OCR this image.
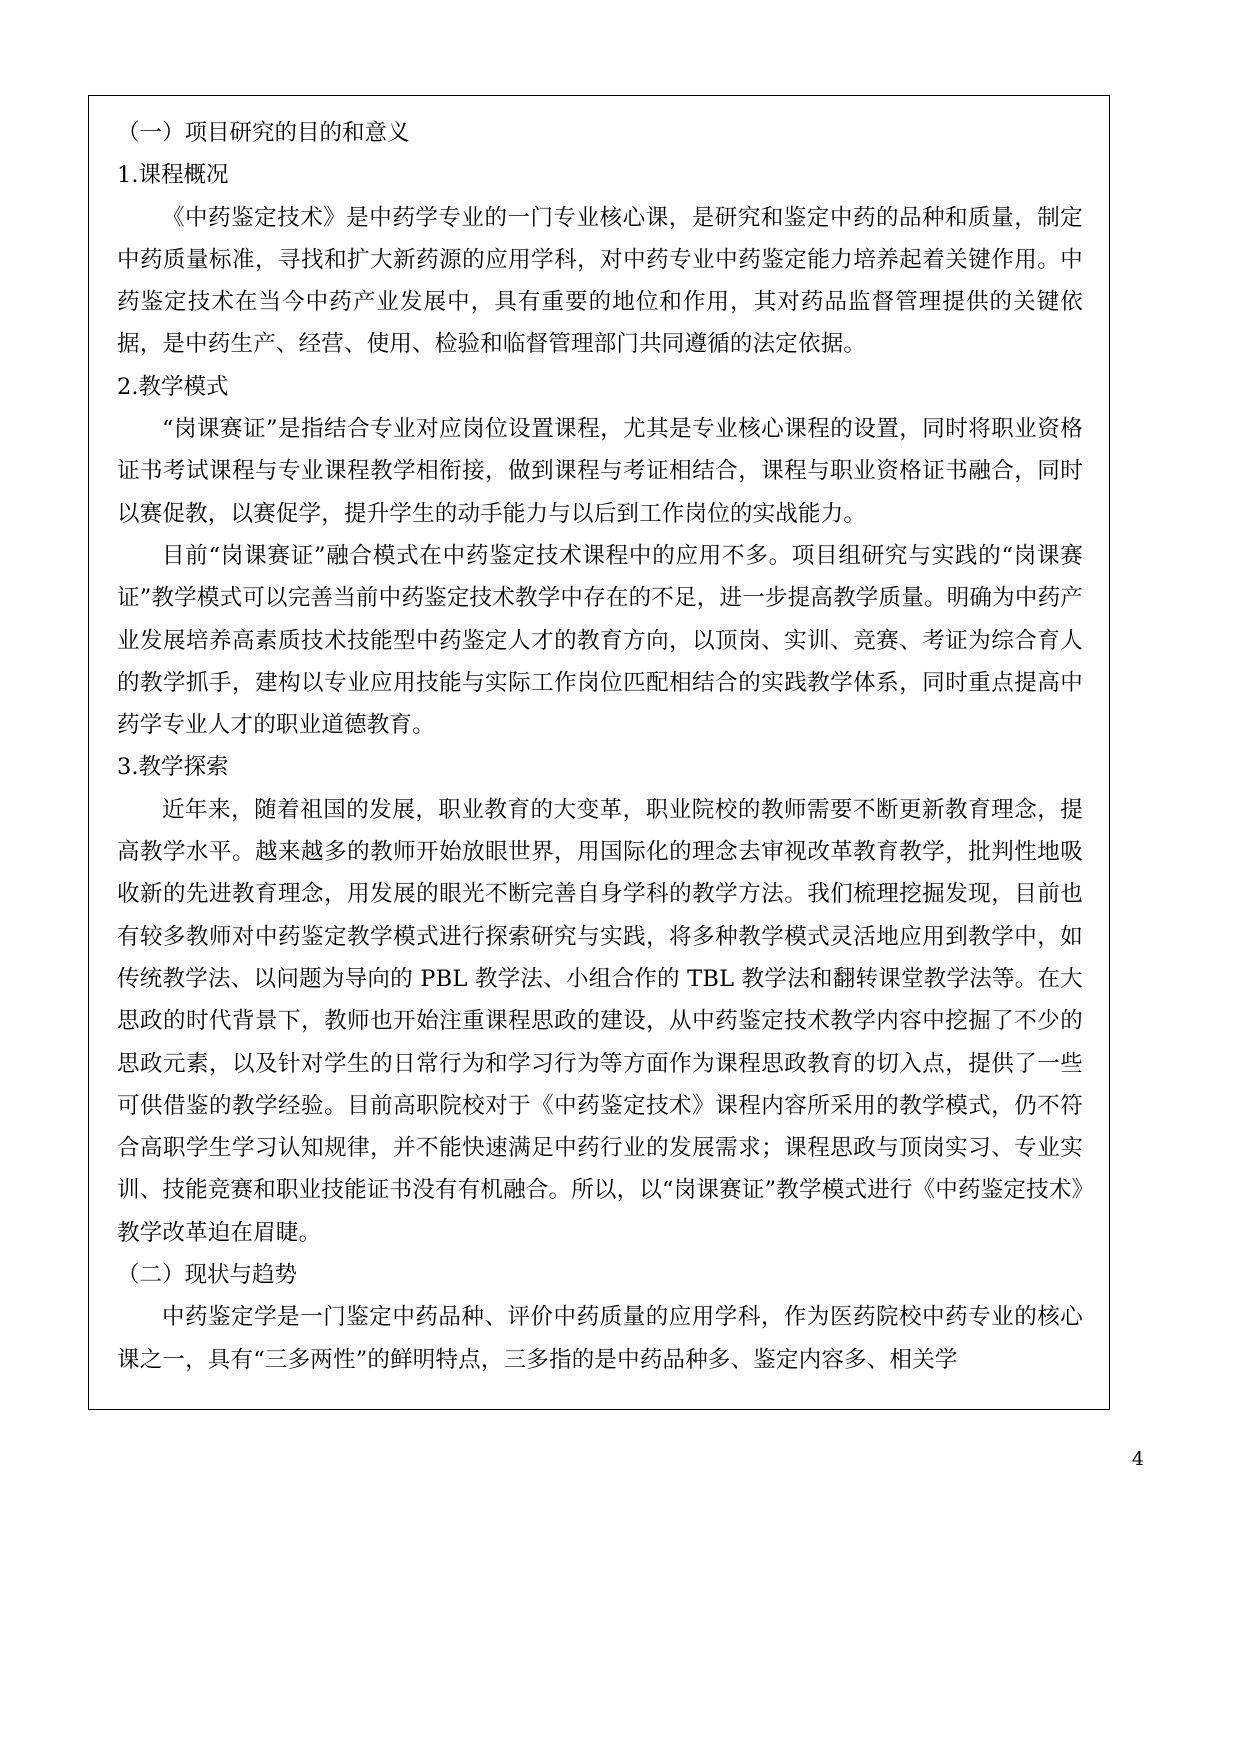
（一）项目研究的目的和意义
1.课程概况
《中药鉴定技术》是中药学专业的一门专业核心课，是研究和鉴定中药的品种和质量，制定中药质量标准，寻找和扩大新药源的应用学科，对中药专业中药鉴定能力培养起着关键作用。中药鉴定技术在当今中药产业发展中，具有重要的地位和作用，其对药品监督管理提供的关键依据，是中药生产、经营、使用、检验和临督管理部门共同遵循的法定依据。
2.教学模式
“岗课赛证”是指结合专业对应岗位设置课程，尤其是专业核心课程的设置，同时将职业资格证书考试课程与专业课程教学相衔接，做到课程与考证相结合，课程与职业资格证书融合，同时以赛促教，以赛促学，提升学生的动手能力与以后到工作岗位的实战能力。
目前“岗课赛证”融合模式在中药鉴定技术课程中的应用不多。项目组研究与实践的“岗课赛证”教学模式可以完善当前中药鉴定技术教学中存在的不足，进一步提高教学质量。明确为中药产业发展培养高素质技术技能型中药鉴定人才的教育方向，以顶岗、实训、竞赛、考证为综合育人的教学抓手，建构以专业应用技能与实际工作岗位匹配相结合的实践教学体系，同时重点提高中药学专业人才的职业道德教育。
3.教学探索
近年来，随着祖国的发展，职业教育的大变革，职业院校的教师需要不断更新教育理念，提高教学水平。越来越多的教师开始放眼世界，用国际化的理念去审视改革教育教学，批判性地吸收新的先进教育理念，用发展的眼光不断完善自身学科的教学方法。我们梳理挖掘发现，目前也有较多教师对中药鉴定教学模式进行探索研究与实践，将多种教学模式灵活地应用到教学中，如传统教学法、以问题为导向的 PBL 教学法、小组合作的 TBL 教学法和翻转课堂教学法等。在大思政的时代背景下，教师也开始注重课程思政的建设，从中药鉴定技术教学内容中挖掘了不少的思政元素，以及针对学生的日常行为和学习行为等方面作为课程思政教育的切入点，提供了一些可供借鉴的教学经验。目前高职院校对于《中药鉴定技术》课程内容所采用的教学模式，仍不符合高职学生学习认知规律，并不能快速满足中药行业的发展需求；课程思政与顶岗实习、专业实训、技能竞赛和职业技能证书没有有机融合。所以，以“岗课赛证”教学模式进行《中药鉴定技术》教学改革迫在眉睫。
（二）现状与趋势
中药鉴定学是一门鉴定中药品种、评价中药质量的应用学科，作为医药院校中药专业的核心课之一，具有“三多两性”的鲜明特点，三多指的是中药品种多、鉴定内容多、相关学
4
